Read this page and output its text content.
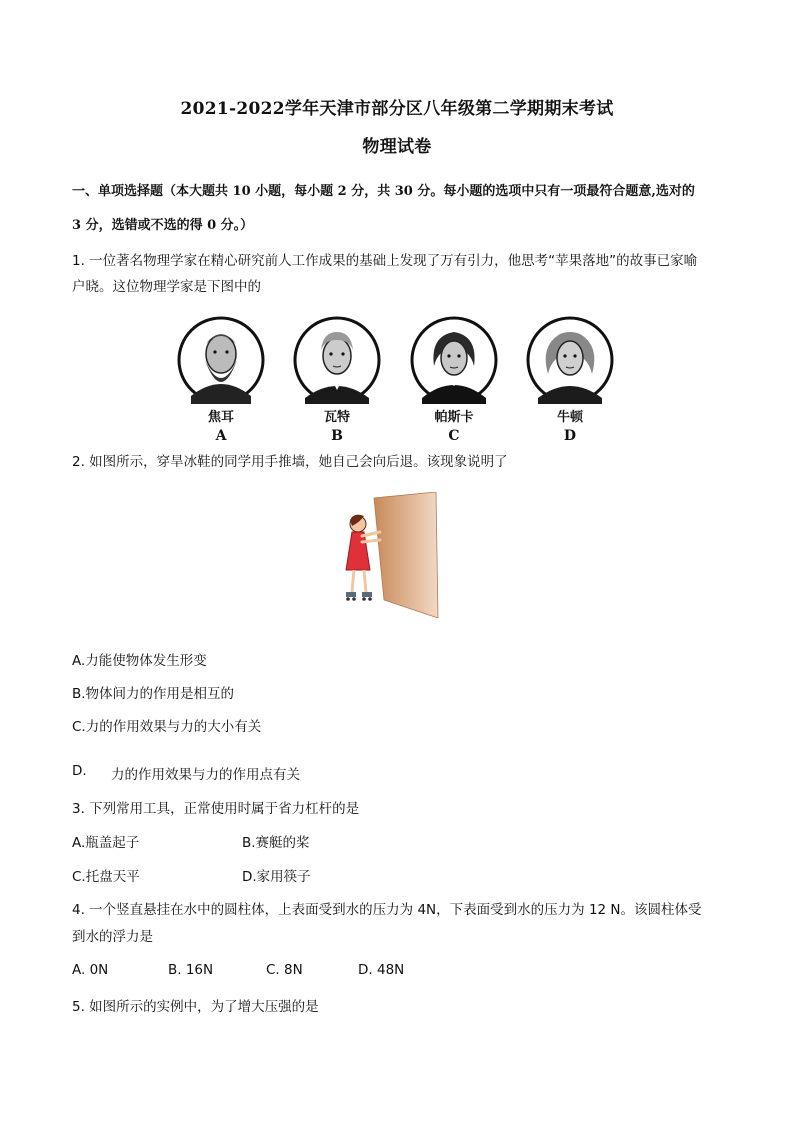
2021-2022学年天津市部分区八年级第二学期期末考试
物理试卷
一、单项选择题（本大题共 10 小题，每小题 2 分，共 30 分。每小题的选项中只有一项最符合题意,选对的
3 分，选错或不选的得 0 分。）
1. 一位著名物理学家在精心研究前人工作成果的基础上发现了万有引力，他思考“苹果落地”的故事已家喻
户晓。这位物理学家是下图中的
焦耳	瓦特	帕斯卡	牛顿
A	B	C	D
2. 如图所示，穿旱冰鞋的同学用手推墙，她自己会向后退。该现象说明了
A.力能使物体发生形变
B.物体间力的作用是相互的
C.力的作用效果与力的大小有关
D. 力的作用效果与力的作用点有关
3. 下列常用工具，正常使用时属于省力杠杆的是
A.瓶盖起子	B.赛艇的桨
C.托盘天平	D.家用筷子
4. 一个竖直悬挂在水中的圆柱体，上表面受到水的压力为 4N，下表面受到水的压力为 12 N。该圆柱体受
到水的浮力是
A. 0N	B. 16N	C. 8N	D. 48N
5. 如图所示的实例中，为了增大压强的是
